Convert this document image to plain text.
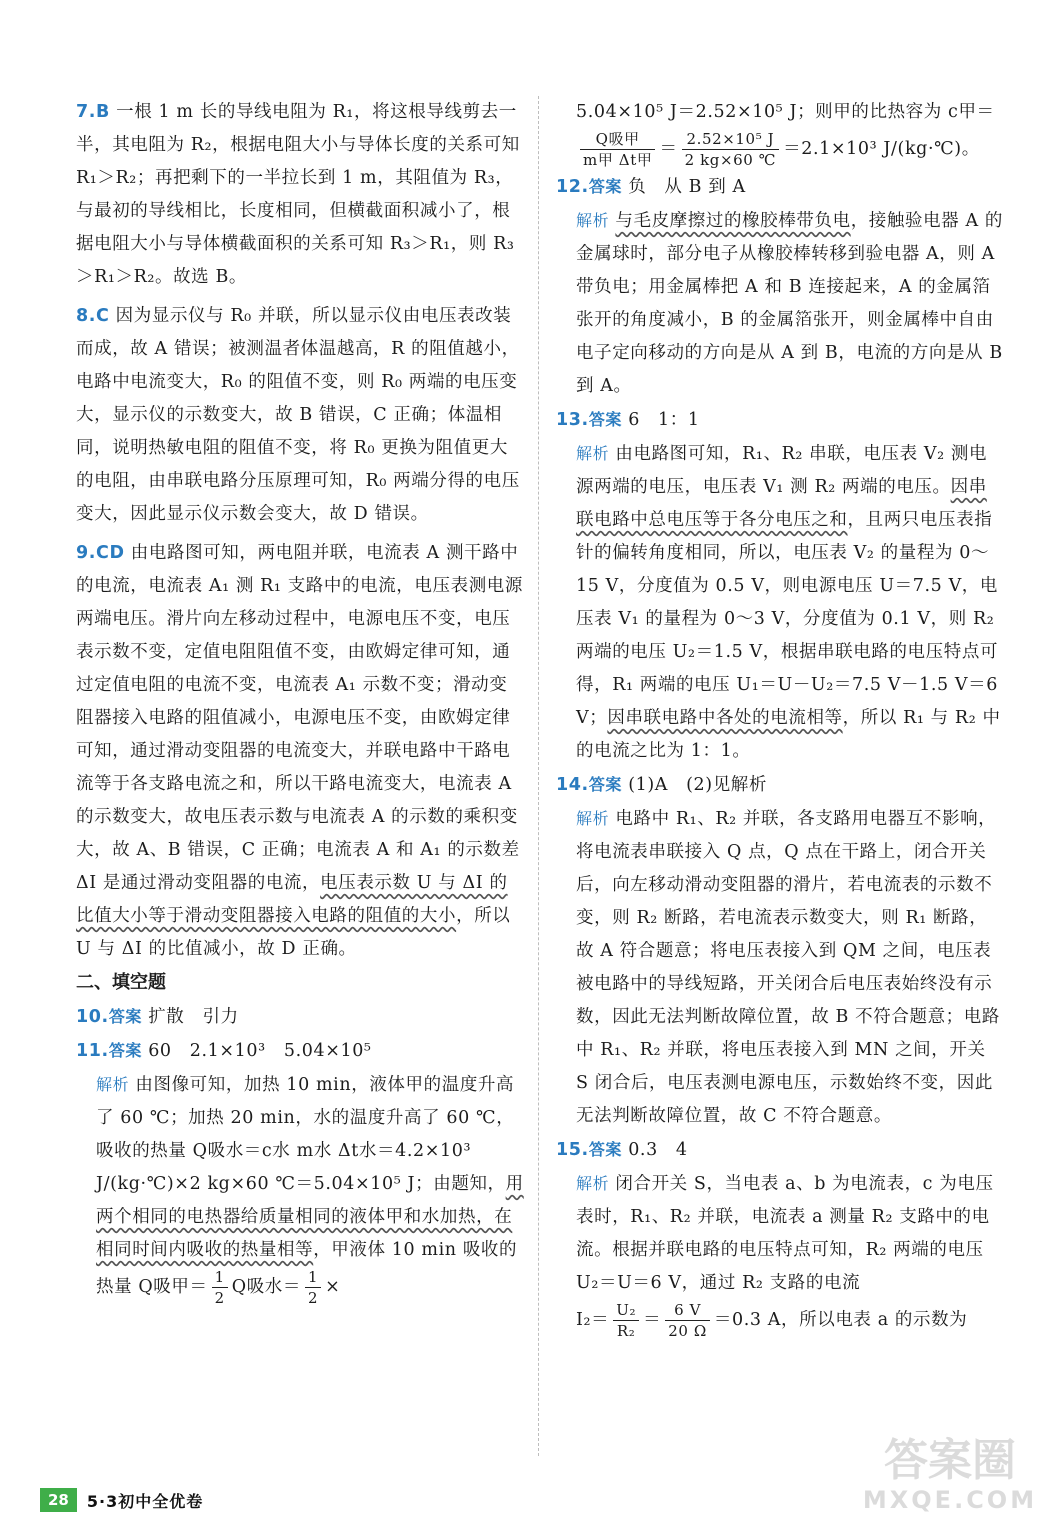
7.B 一根 1 m 长的导线电阻为 R₁，将这根导线剪去一半，其电阻为 R₂，根据电阻大小与导体长度的关系可知 R₁＞R₂；再把剩下的一半拉长到 1 m，其阻值为 R₃，与最初的导线相比，长度相同，但横截面积减小了，根据电阻大小与导体横截面积的关系可知 R₃＞R₁，则 R₃＞R₁＞R₂。故选 B。
8.C 因为显示仪与 R₀ 并联，所以显示仪由电压表改装而成，故 A 错误；被测温者体温越高，R 的阻值越小，电路中电流变大，R₀ 的阻值不变，则 R₀ 两端的电压变大，显示仪的示数变大，故 B 错误，C 正确；体温相同，说明热敏电阻的阻值不变，将 R₀ 更换为阻值更大的电阻，由串联电路分压原理可知，R₀ 两端分得的电压变大，因此显示仪示数会变大，故 D 错误。
9.CD 由电路图可知，两电阻并联，电流表 A 测干路中的电流，电流表 A₁ 测 R₁ 支路中的电流，电压表测电源两端电压。滑片向左移动过程中，电源电压不变，电压表示数不变，定值电阻阻值不变，由欧姆定律可知，通过定值电阻的电流不变，电流表 A₁ 示数不变；滑动变阻器接入电路的阻值减小，电源电压不变，由欧姆定律可知，通过滑动变阻器的电流变大，并联电路中干路电流等于各支路电流之和，所以干路电流变大，电流表 A 的示数变大，故电压表示数与电流表 A 的示数的乘积变大，故 A、B 错误，C 正确；电流表 A 和 A₁ 的示数差 ΔI 是通过滑动变阻器的电流，电压表示数 U 与 ΔI 的比值大小等于滑动变阻器接入电路的阻值的大小，所以 U 与 ΔI 的比值减小，故 D 正确。
二、填空题
10.答案 扩散　引力
11.答案 60　2.1×10³　5.04×10⁵
解析 由图像可知，加热 10 min，液体甲的温度升高了 60 ℃；加热 20 min，水的温度升高了 60 ℃，吸收的热量 Q吸水＝c水 m水 Δt水＝4.2×10³ J/(kg·℃)×2 kg×60 ℃＝5.04×10⁵ J；由题知，用两个相同的电热器给质量相同的液体甲和水加热，在相同时间内吸收的热量相等，甲液体 10 min 吸收的热量 Q吸甲＝ $\frac{1}{2}$ Q吸水＝ $\frac{1}{2}$ ×
5.04×10⁵ J＝2.52×10⁵ J；则甲的比热容为 c甲＝

$\frac{\text{Q吸甲}}{\text{m甲 Δt甲}} = \frac{\text{2.52×10⁵ J}}{2 kg\times 60 ℃} =2.1\times 10^3$ J/(kg·℃)。
12.答案 负　从 B 到 A
解析 与毛皮摩擦过的橡胶棒带负电，接触验电器 A 的金属球时，部分电子从橡胶棒转移到验电器 A，则 A 带负电；用金属棒把 A 和 B 连接起来，A 的金属箔张开的角度减小，B 的金属箔张开，则金属棒中自由电子定向移动的方向是从 A 到 B，电流的方向是从 B 到 A。
13.答案 6　1：1
解析 由电路图可知，R₁、R₂ 串联，电压表 V₂ 测电源两端的电压，电压表 V₁ 测 R₂ 两端的电压。因串联电路中总电压等于各分电压之和，且两只电压表指针的偏转角度相同，所以，电压表 V₂ 的量程为 0～15 V，分度值为 0.5 V，则电源电压 U＝7.5 V，电压表 V₁ 的量程为 0～3 V，分度值为 0.1 V，则 R₂ 两端的电压 U₂＝1.5 V，根据串联电路的电压特点可得，R₁ 两端的电压 U₁＝U－U₂＝7.5 V－1.5 V＝6 V；因串联电路中各处的电流相等，所以 R₁ 与 R₂ 中的电流之比为 1：1。
14.答案 (1)A　(2)见解析
解析 电路中 R₁、R₂ 并联，各支路用电器互不影响，将电流表串联接入 Q 点，Q 点在干路上，闭合开关后，向左移动滑动变阻器的滑片，若电流表的示数不变，则 R₂ 断路，若电流表示数变大，则 R₁ 断路，故 A 符合题意；将电压表接入到 QM 之间，电压表被电路中的导线短路，开关闭合后电压表始终没有示数，因此无法判断故障位置，故 B 不符合题意；电路中 R₁、R₂ 并联，将电压表接入到 MN 之间，开关 S 闭合后，电压表测电源电压，示数始终不变，因此无法判断故障位置，故 C 不符合题意。
15.答案 0.3　4
解析 闭合开关 S，当电表 a、b 为电流表，c 为电压表时，R₁、R₂ 并联，电流表 a 测量 R₂ 支路中的电流。根据并联电路的电压特点可知，R₂ 两端的电压 U₂＝U＝6 V，通过 R₂ 支路的电流
$I_2= \frac{\text{U₂}}{\text{R₂}} = \frac{6 V}{20 \Omega} =0.3$ A，所以电表 a 的示数为
28	5·3初中全优卷
答案圈
MXQE.COM
